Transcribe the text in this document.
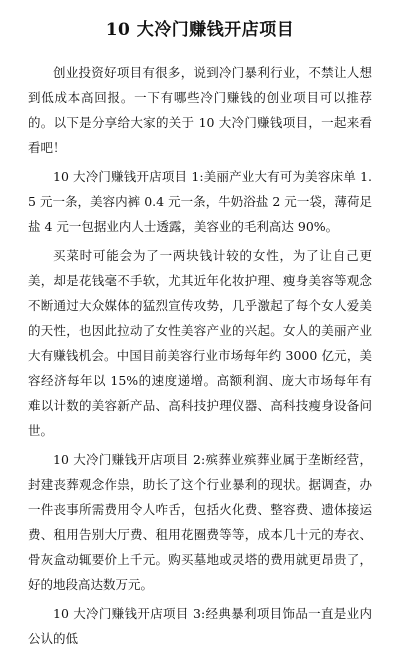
10 大冷门赚钱开店项目

创业投资好项目有很多，说到冷门暴利行业，不禁让人想到低成本高回报。一下有哪些冷门赚钱的创业项目可以推荐的。以下是分享给大家的关于 10 大冷门赚钱项目，一起来看看吧！

10 大冷门赚钱开店项目 1:美丽产业大有可为美容床单 1.5 元一条，美容内裤 0.4 元一条，牛奶浴盐 2 元一袋，薄荷足盐 4 元一包据业内人士透露，美容业的毛利高达 90%。

买菜时可能会为了一两块钱计较的女性，为了让自己更美，却是花钱毫不手软，尤其近年化妆护理、瘦身美容等观念不断通过大众媒体的猛烈宣传攻势，几乎激起了每个女人爱美的天性，也因此拉动了女性美容产业的兴起。女人的美丽产业大有赚钱机会。中国目前美容行业市场每年约 3000 亿元，美容经济每年以 15%的速度递增。高额利润、庞大市场每年有难以计数的美容新产品、高科技护理仪器、高科技瘦身设备问世。

10 大冷门赚钱开店项目 2:殡葬业殡葬业属于垄断经营，封建丧葬观念作祟，助长了这个行业暴利的现状。据调查，办一件丧事所需费用令人咋舌，包括火化费、整容费、遗体接运费、租用告别大厅费、租用花圈费等等，成本几十元的寿衣、骨灰盒动辄要价上千元。购买墓地或灵塔的费用就更昂贵了，好的地段高达数万元。

10 大冷门赚钱开店项目 3:经典暴利项目饰品一直是业内公认的低
